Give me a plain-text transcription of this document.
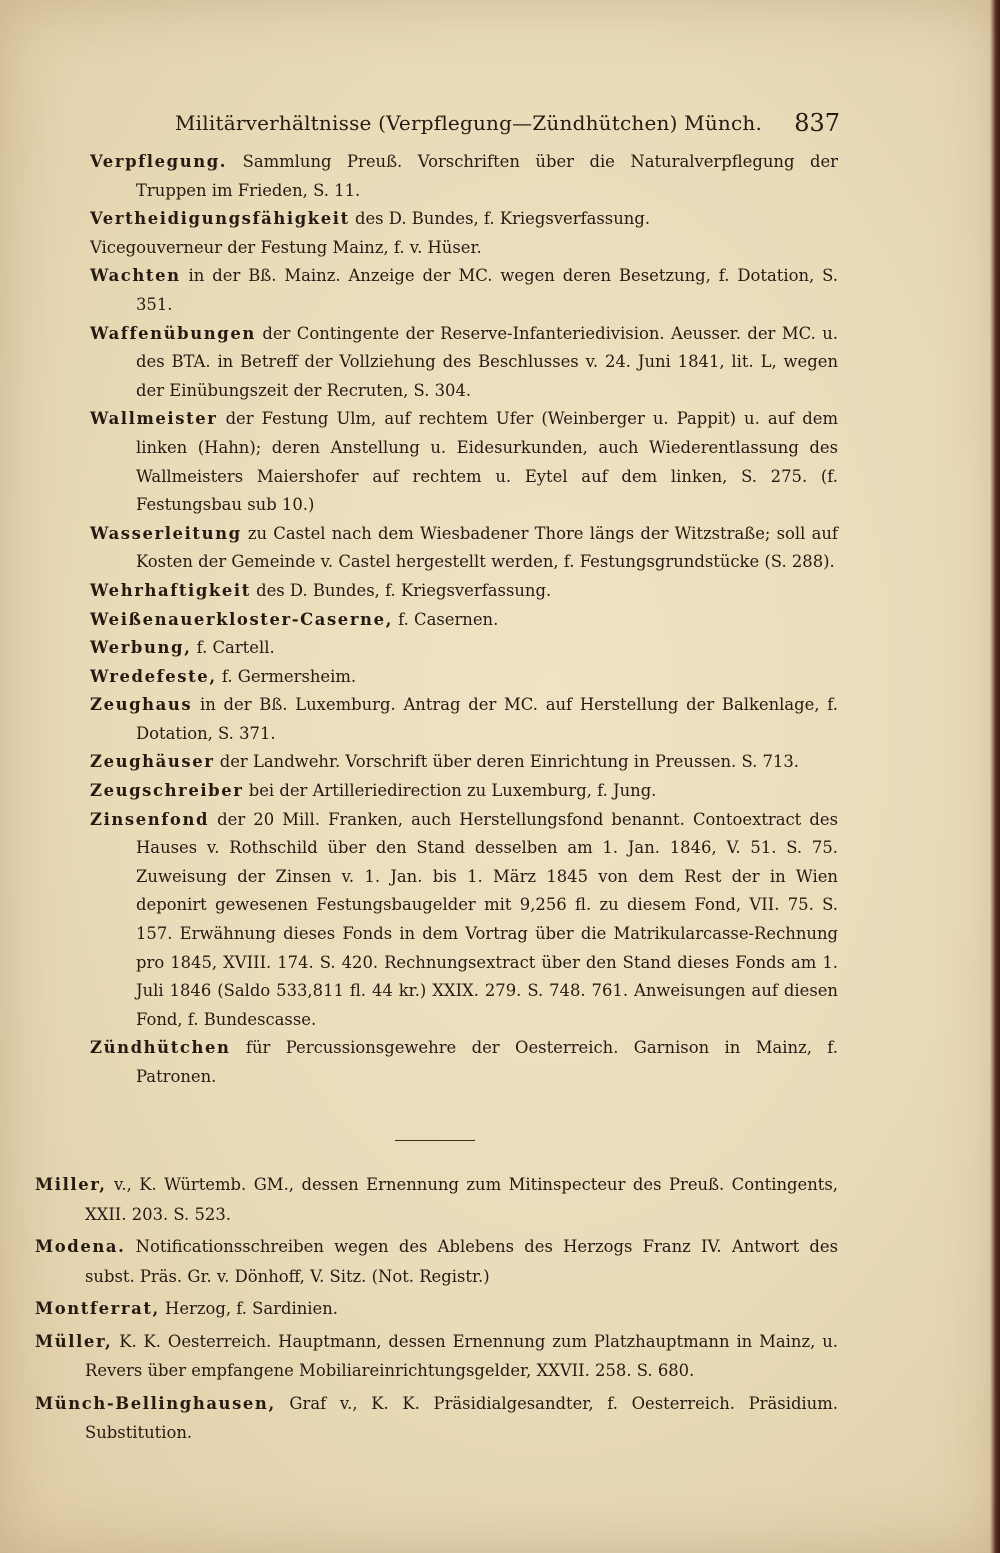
Militärverhältnisse (Verpflegung—Zündhütchen) Münch. 837

Verpflegung. Sammlung Preuß. Vorschriften über die Naturalverpflegung der Truppen im Frieden, S. 11.

Vertheidigungsfähigkeit des D. Bundes, f. Kriegsverfassung.

Vicegouverneur der Festung Mainz, f. v. Hüser.

Wachten in der Bß. Mainz. Anzeige der MC. wegen deren Besetzung, f. Dotation, S. 351.

Waffenübungen der Contingente der Reserve-Infanteriedivision. Aeusser. der MC. u. des BTA. in Betreff der Vollziehung des Beschlusses v. 24. Juni 1841, lit. L, wegen der Einübungszeit der Recruten, S. 304.

Wallmeister der Festung Ulm, auf rechtem Ufer (Weinberger u. Pappit) u. auf dem linken (Hahn); deren Anstellung u. Eidesurkunden, auch Wiederentlassung des Wallmeisters Maiershofer auf rechtem u. Eytel auf dem linken, S. 275. (f. Festungsbau sub 10.)

Wasserleitung zu Castel nach dem Wiesbadener Thore längs der Witzstraße; soll auf Kosten der Gemeinde v. Castel hergestellt werden, f. Festungsgrundstücke (S. 288).

Wehrhaftigkeit des D. Bundes, f. Kriegsverfassung.

Weißenauerkloster-Caserne, f. Casernen.

Werbung, f. Cartell.

Wredefeste, f. Germersheim.

Zeughaus in der Bß. Luxemburg. Antrag der MC. auf Herstellung der Balkenlage, f. Dotation, S. 371.

Zeughäuser der Landwehr. Vorschrift über deren Einrichtung in Preussen. S. 713.

Zeugschreiber bei der Artilleriedirection zu Luxemburg, f. Jung.

Zinsenfond der 20 Mill. Franken, auch Herstellungsfond benannt. Contoextract des Hauses v. Rothschild über den Stand desselben am 1. Jan. 1846, V. 51. S. 75. Zuweisung der Zinsen v. 1. Jan. bis 1. März 1845 von dem Rest der in Wien deponirt gewesenen Festungsbaugelder mit 9,256 fl. zu diesem Fond, VII. 75. S. 157. Erwähnung dieses Fonds in dem Vortrag über die Matrikularcasse-Rechnung pro 1845, XVIII. 174. S. 420. Rechnungsextract über den Stand dieses Fonds am 1. Juli 1846 (Saldo 533,811 fl. 44 kr.) XXIX. 279. S. 748. 761. Anweisungen auf diesen Fond, f. Bundescasse.

Zündhütchen für Percussionsgewehre der Oesterreich. Garnison in Mainz, f. Patronen.

Miller, v., K. Würtemb. GM., dessen Ernennung zum Mitinspecteur des Preuß. Contingents, XXII. 203. S. 523.

Modena. Notificationsschreiben wegen des Ablebens des Herzogs Franz IV. Antwort des subst. Präs. Gr. v. Dönhoff, V. Sitz. (Not. Registr.)

Montferrat, Herzog, f. Sardinien.

Müller, K. K. Oesterreich. Hauptmann, dessen Ernennung zum Platzhauptmann in Mainz, u. Revers über empfangene Mobiliareinrichtungsgelder, XXVII. 258. S. 680.

Münch-Bellinghausen, Graf v., K. K. Präsidialgesandter, f. Oesterreich. Präsidium. Substitution.
